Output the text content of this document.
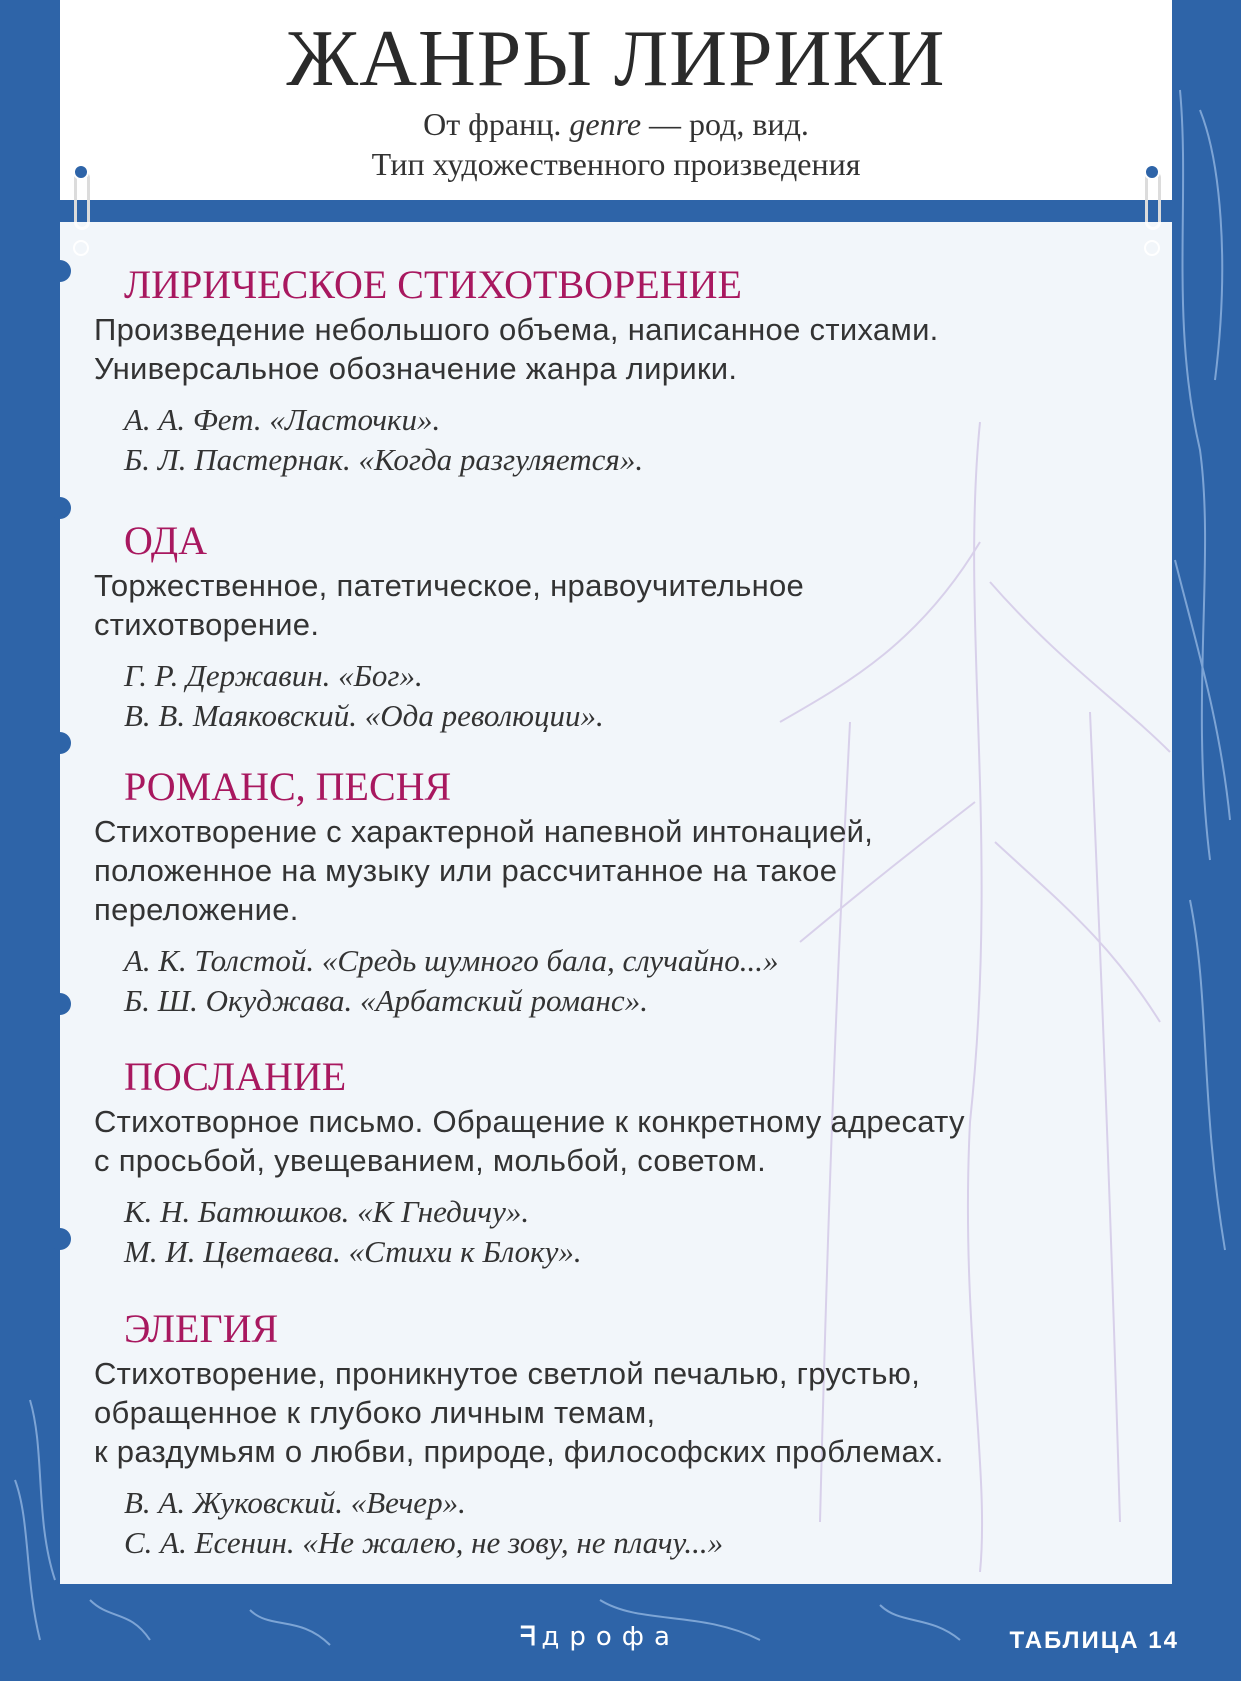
ЖАНРЫ ЛИРИКИ
От франц. genre — род, вид.
Тип художественного произведения
ЛИРИЧЕСКОЕ СТИХОТВОРЕНИЕ
Произведение небольшого объема, написанное стихами.
Универсальное обозначение жанра лирики.
А. А. Фет. «Ласточки».
Б. Л. Пастернак. «Когда разгуляется».
ОДА
Торжественное, патетическое, нравоучительное
стихотворение.
Г. Р. Державин. «Бог».
В. В. Маяковский. «Ода революции».
РОМАНС, ПЕСНЯ
Стихотворение с характерной напевной интонацией,
положенное на музыку или рассчитанное на такое
переложение.
А. К. Толстой. «Средь шумного бала, случайно...»
Б. Ш. Окуджава. «Арбатский романс».
ПОСЛАНИЕ
Стихотворное письмо. Обращение к конкретному адресату
с просьбой, увещеванием, мольбой, советом.
К. Н. Батюшков. «К Гнедичу».
М. И. Цветаева. «Стихи к Блоку».
ЭЛЕГИЯ
Стихотворение, проникнутое светлой печалью, грустью,
обращенное к глубоко личным темам,
к раздумьям о любви, природе, философских проблемах.
В. А. Жуковский. «Вечер».
С. А. Есенин. «Не жалею, не зову, не плачу...»
ᖷ дрофа	ТАБЛИЦА 14
